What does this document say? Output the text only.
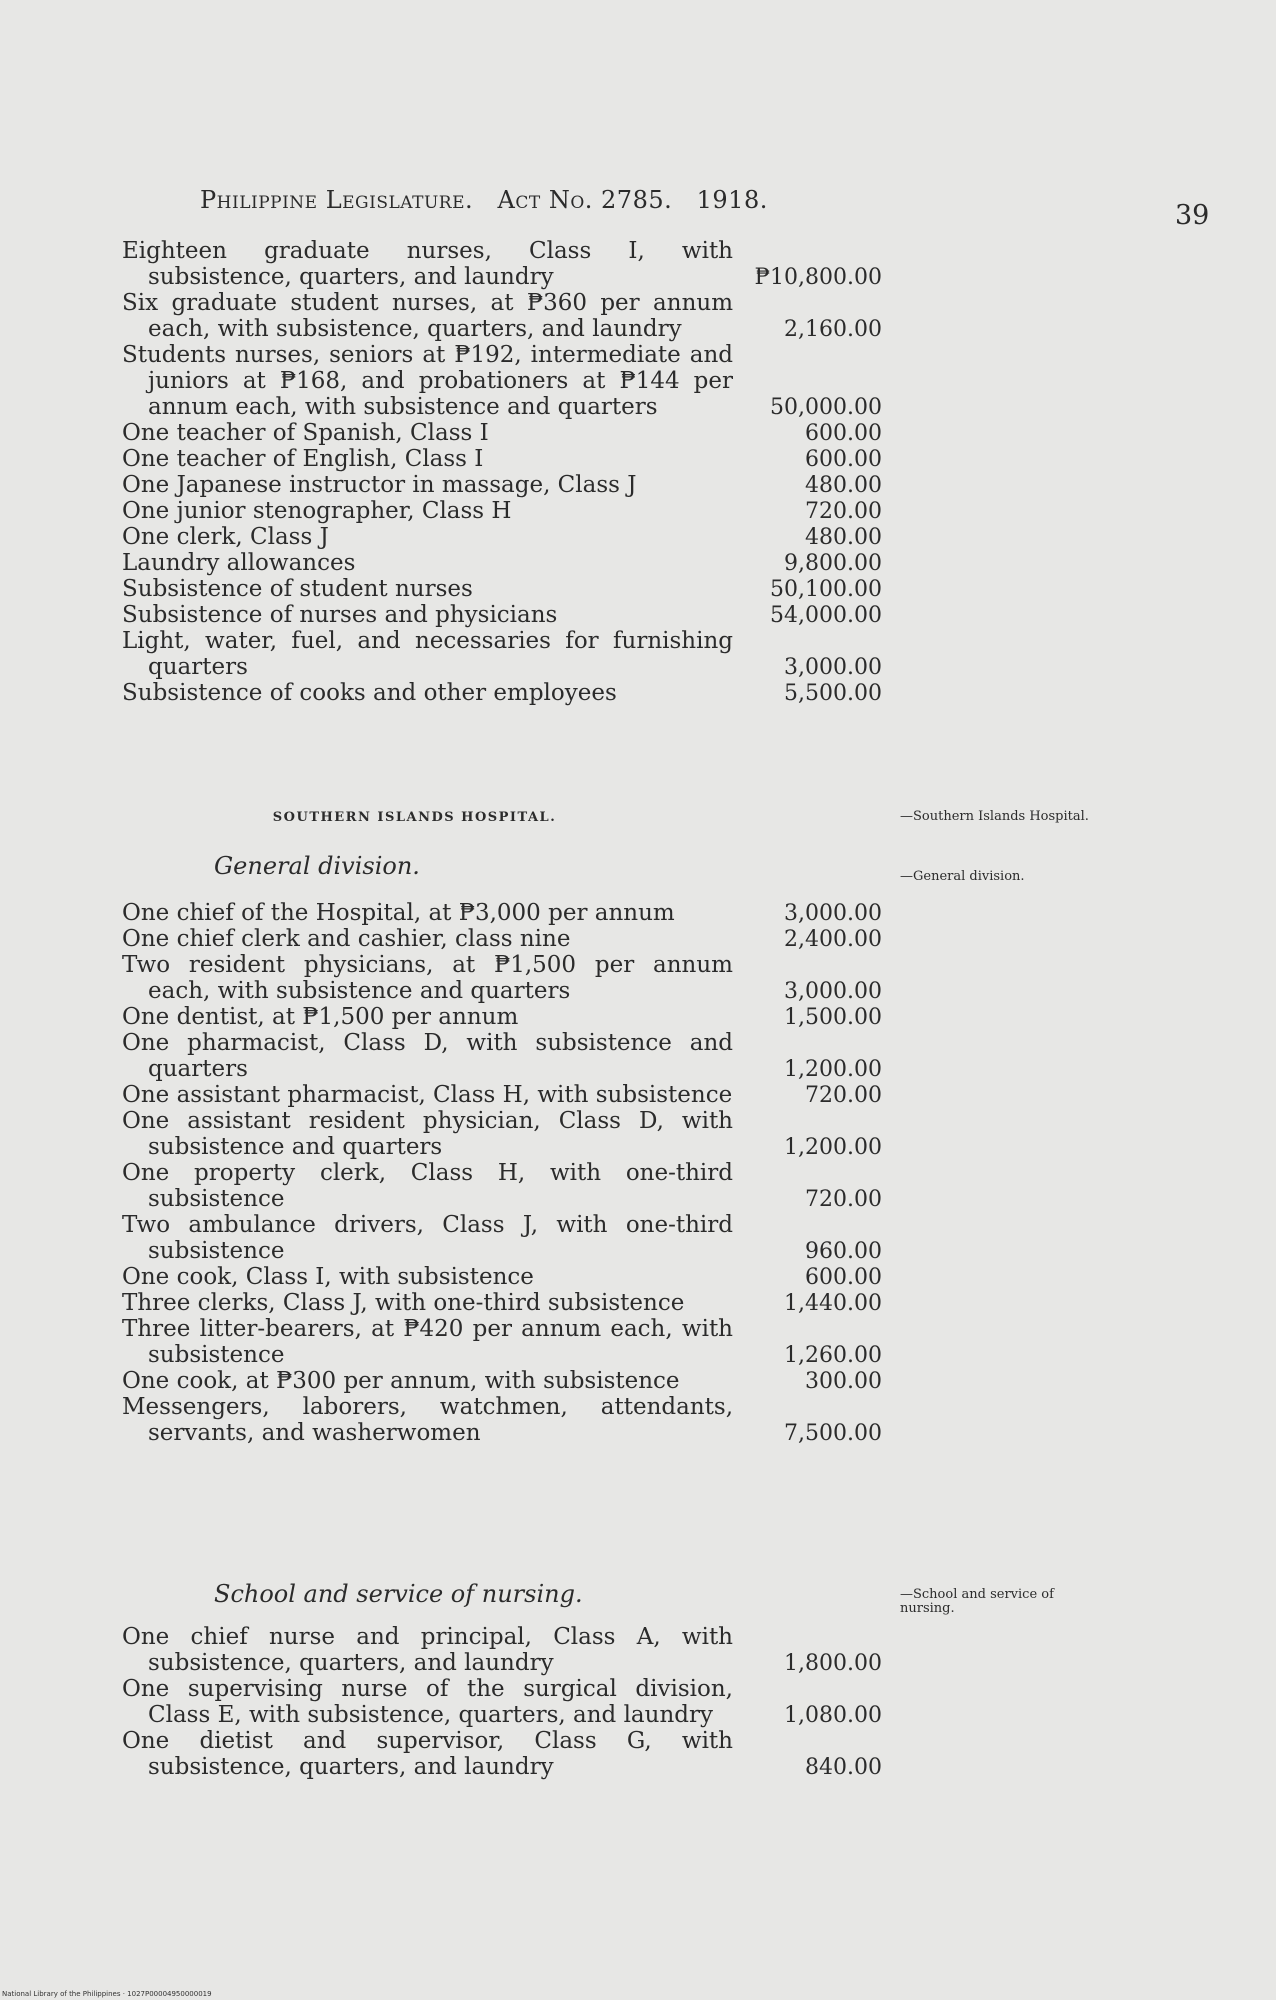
Philippine Legislature. Act No. 2785. 1918.	39
Eighteen graduate nurses, Class I, with subsistence, quarters, and laundry	₱10,800.00
Six graduate student nurses, at ₱360 per annum each, with subsistence, quarters, and laundry	2,160.00
Students nurses, seniors at ₱192, intermediate and juniors at ₱168, and probationers at ₱144 per annum each, with subsistence and quarters	50,000.00
One teacher of Spanish, Class I	600.00
One teacher of English, Class I	600.00
One Japanese instructor in massage, Class J	480.00
One junior stenographer, Class H	720.00
One clerk, Class J	480.00
Laundry allowances	9,800.00
Subsistence of student nurses	50,100.00
Subsistence of nurses and physicians	54,000.00
Light, water, fuel, and necessaries for furnishing quarters	3,000.00
Subsistence of cooks and other employees	5,500.00
SOUTHERN ISLANDS HOSPITAL.	—Southern Islands Hospital.
General division.	—General division.
One chief of the Hospital, at ₱3,000 per annum	3,000.00
One chief clerk and cashier, class nine	2,400.00
Two resident physicians, at ₱1,500 per annum each, with subsistence and quarters	3,000.00
One dentist, at ₱1,500 per annum	1,500.00
One pharmacist, Class D, with subsistence and quarters	1,200.00
One assistant pharmacist, Class H, with subsistence	720.00
One assistant resident physician, Class D, with subsistence and quarters	1,200.00
One property clerk, Class H, with one-third subsistence	720.00
Two ambulance drivers, Class J, with one-third subsistence	960.00
One cook, Class I, with subsistence	600.00
Three clerks, Class J, with one-third subsistence	1,440.00
Three litter-bearers, at ₱420 per annum each, with subsistence	1,260.00
One cook, at ₱300 per annum, with subsistence	300.00
Messengers, laborers, watchmen, attendants, servants, and washerwomen	7,500.00
School and service of nursing.	—School and service of nursing.
One chief nurse and principal, Class A, with subsistence, quarters, and laundry	1,800.00
One supervising nurse of the surgical division, Class E, with subsistence, quarters, and laundry	1,080.00
One dietist and supervisor, Class G, with subsistence, quarters, and laundry	840.00
National Library of the Philippines · 1027P00004950000019
